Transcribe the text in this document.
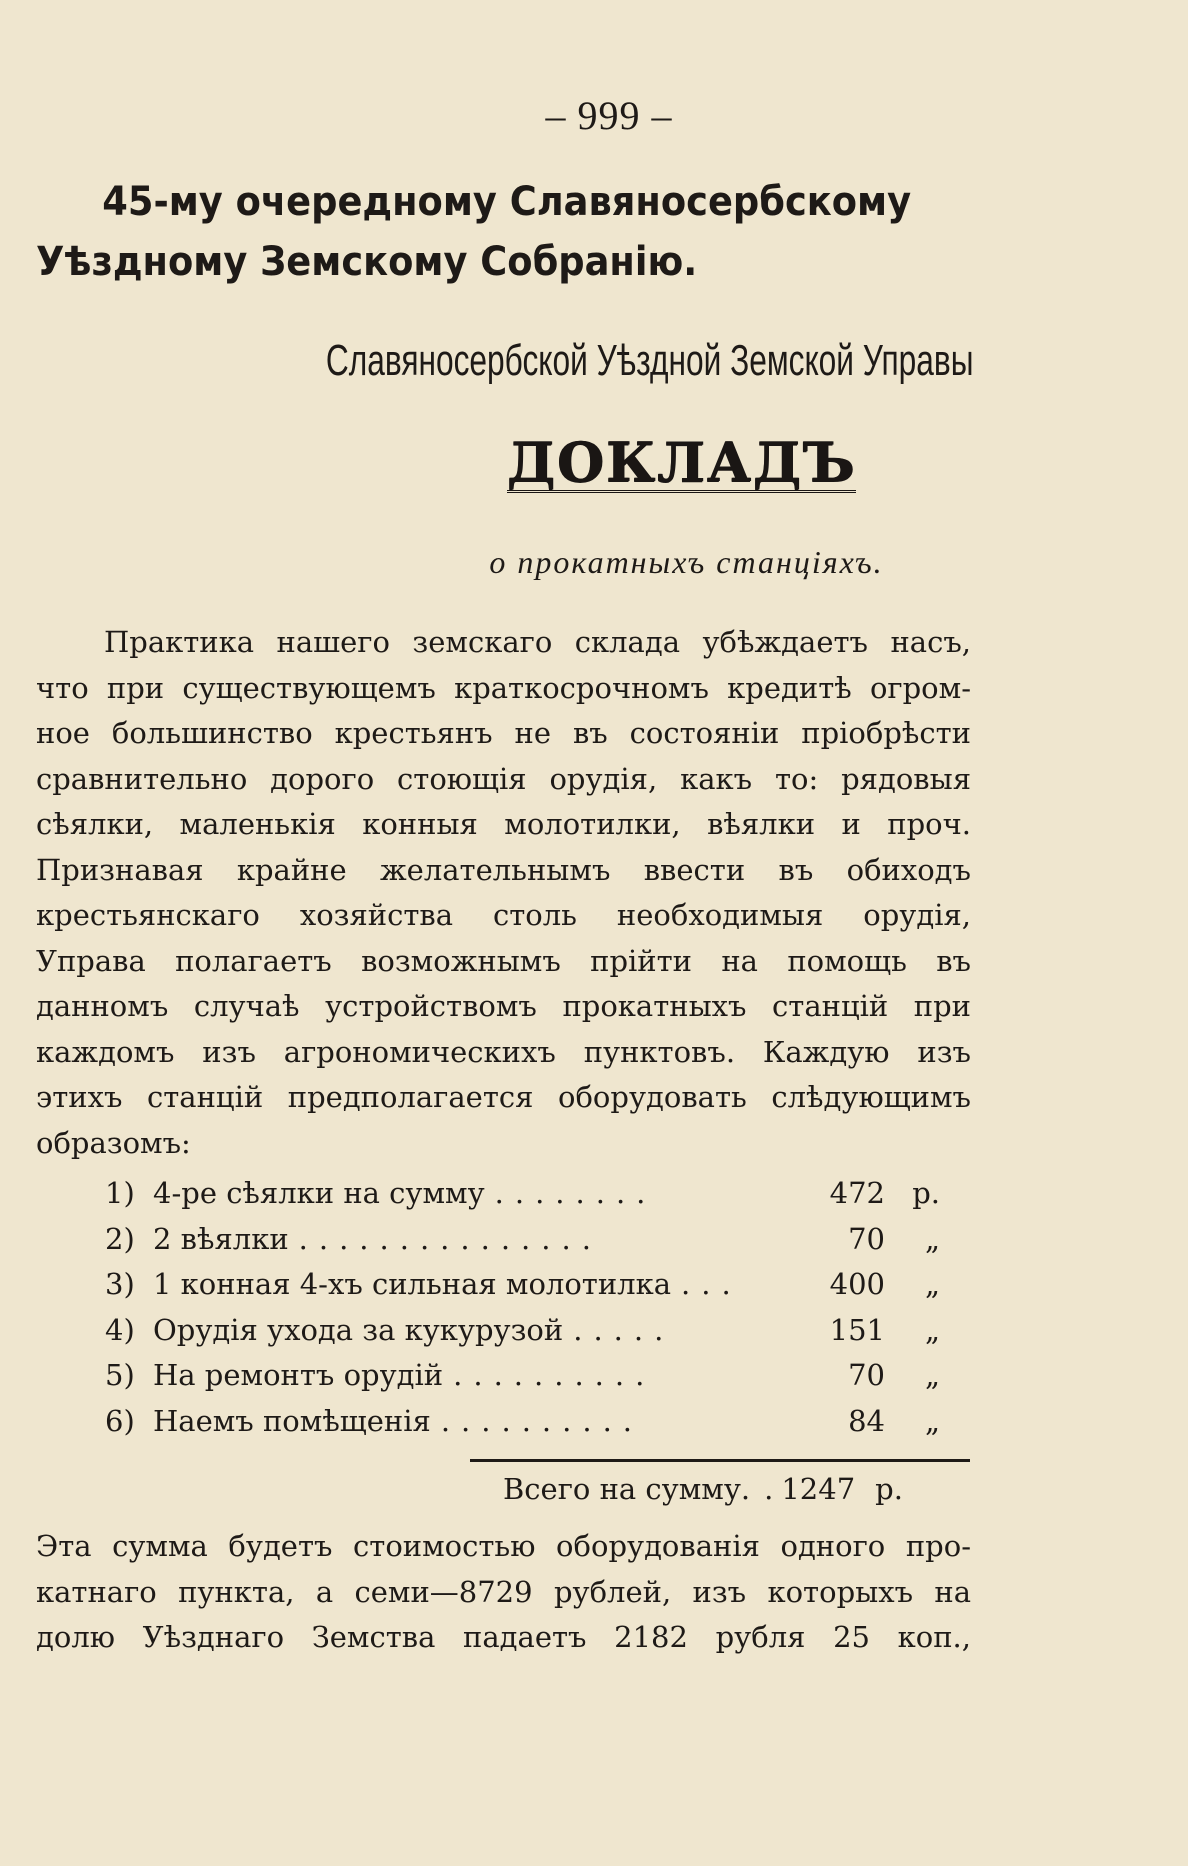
– 999 –
45-му очередному Славяносербскому Уѣздному Земскому Собранію.
Славяносербской Уѣздной Земской Управы
ДОКЛАДЪ
о прокатныхъ станціяхъ.
Практика нашего земскаго склада убѣждаетъ насъ,
что при существующемъ краткосрочномъ кредитѣ огром-
ное большинство крестьянъ не въ состояніи пріобрѣсти
сравнительно дорого стоющія орудія, какъ то: рядовыя
сѣялки, маленькія конныя молотилки, вѣялки и проч.
Признавая крайне желательнымъ ввести въ обиходъ
крестьянскаго хозяйства столь необходимыя орудія,
Управа полагаетъ возможнымъ прійти на помощь въ
данномъ случаѣ устройствомъ прокатныхъ станцій при
каждомъ изъ агрономическихъ пунктовъ. Каждую изъ
этихъ станцій предполагается оборудовать слѣдующимъ
образомъ:
1) 4-ре сѣялки на сумму ........	472 р.
2) 2 вѣялки ...............	70	„
3) 1 конная 4-хъ сильная молотилка ...	400	„
4) Орудія ухода за кукурузой .....	151	„
5) На ремонтъ орудій ..........	70	„
6) Наемъ помѣщенія ..........	84	„
Всего на сумму. . 1247 р.
Эта сумма будетъ стоимостью оборудованія одного про-
катнаго пункта, а семи—8729 рублей, изъ которыхъ на
долю Уѣзднаго Земства падаетъ 2182 рубля 25 коп.,
